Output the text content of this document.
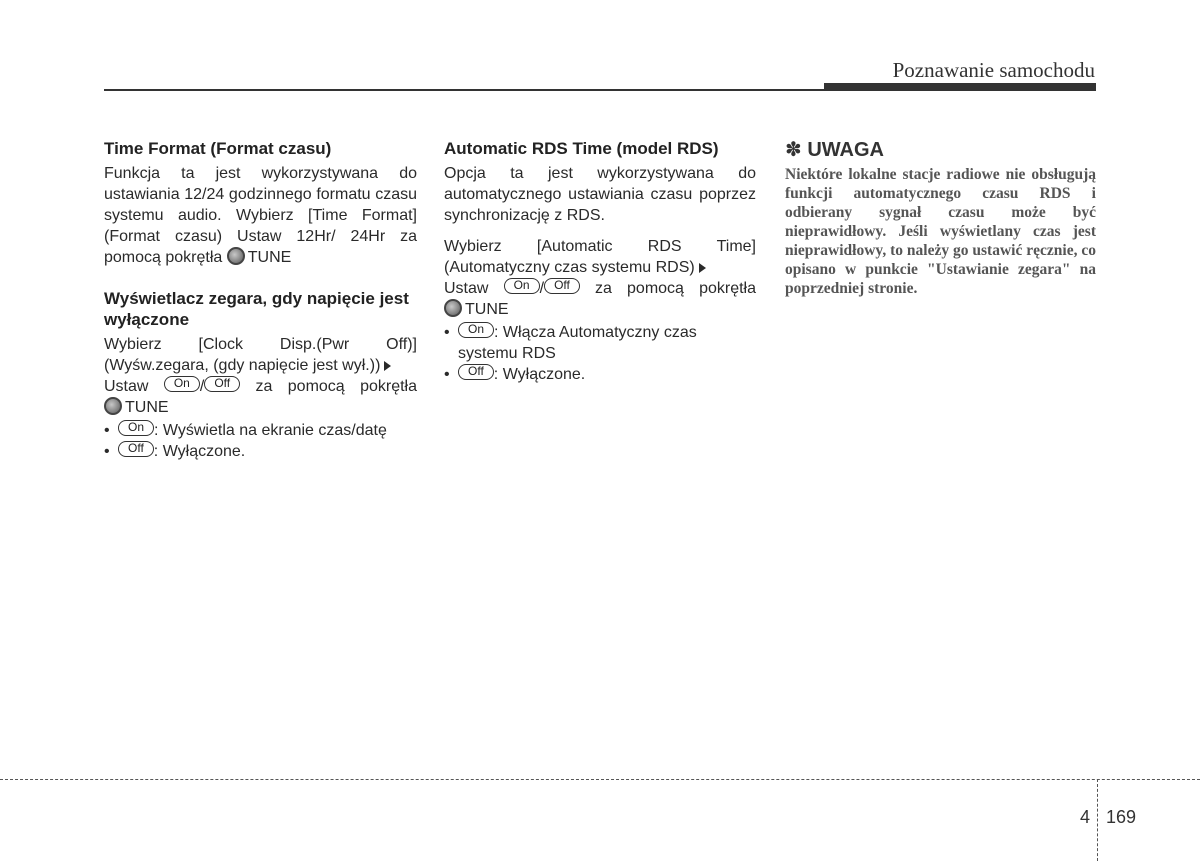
Poznawanie samochodu

Time Format (Format czasu)

Funkcja ta jest wykorzystywana do ustawiania 12/24 godzinnego formatu czasu systemu audio. Wybierz [Time Format] (Format czasu) Ustaw 12Hr/ 24Hr za pomocą pokrętła TUNE

Wyświetlacz zegara, gdy napięcie jest wyłączone

Wybierz [Clock Disp.(Pwr Off)]
(Wyśw.zegara, (gdy napięcie jest wył.))
Ustaw On / Off za pomocą pokrętła
TUNE
• On : Wyświetla na ekranie czas/datę
• Off : Wyłączone.

Automatic RDS Time (model RDS)

Opcja ta jest wykorzystywana do automatycznego ustawiania czasu poprzez synchronizację z RDS.

Wybierz [Automatic RDS Time]
(Automatyczny czas systemu RDS)
Ustaw On / Off za pomocą pokrętła
TUNE
• On : Włącza Automatyczny czas systemu RDS
• Off : Wyłączone.

✽ UWAGA

Niektóre lokalne stacje radiowe nie obsługują funkcji automatycznego czasu RDS i odbierany sygnał czasu może być nieprawidłowy. Jeśli wyświetlany czas jest nieprawidłowy, to należy go ustawić ręcznie, co opisano w punkcie "Ustawianie zegara" na poprzedniej stronie.

4 169
